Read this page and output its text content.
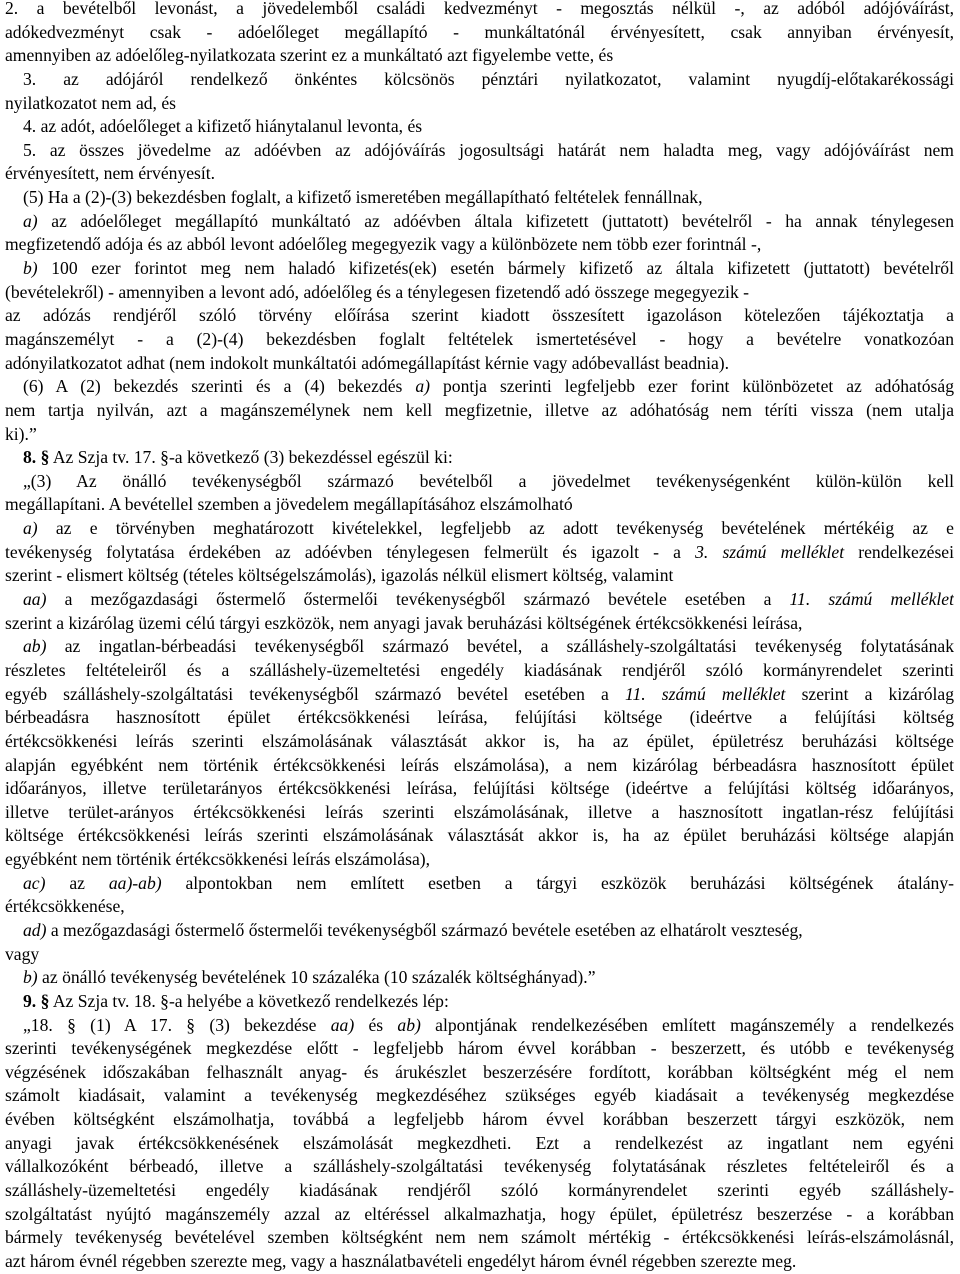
2. a bevételből levonást, a jövedelemből családi kedvezményt - megosztás nélkül -, az adóból adójóváírást,
adókedvezményt csak - adóelőleget megállapító - munkáltatónál érvényesített, csak annyiban érvényesít,
amennyiben az adóelőleg-nyilatkozata szerint ez a munkáltató azt figyelembe vette, és
3. az adójáról rendelkező önkéntes kölcsönös pénztári nyilatkozatot, valamint nyugdíj-előtakarékossági
nyilatkozatot nem ad, és
4. az adót, adóelőleget a kifizető hiánytalanul levonta, és
5. az összes jövedelme az adóévben az adójóváírás jogosultsági határát nem haladta meg, vagy adójóváírást nem
érvényesített, nem érvényesít.
(5) Ha a (2)-(3) bekezdésben foglalt, a kifizető ismeretében megállapítható feltételek fennállnak,
a) az adóelőleget megállapító munkáltató az adóévben általa kifizetett (juttatott) bevételről - ha annak ténylegesen
megfizetendő adója és az abból levont adóelőleg megegyezik vagy a különbözete nem több ezer forintnál -,
b) 100 ezer forintot meg nem haladó kifizetés(ek) esetén bármely kifizető az általa kifizetett (juttatott) bevételről
(bevételekről) - amennyiben a levont adó, adóelőleg és a ténylegesen fizetendő adó összege megegyezik -
az adózás rendjéről szóló törvény előírása szerint kiadott összesített igazoláson kötelezően tájékoztatja a
magánszemélyt - a (2)-(4) bekezdésben foglalt feltételek ismertetésével - hogy a bevételre vonatkozóan
adónyilatkozatot adhat (nem indokolt munkáltatói adómegállapítást kérnie vagy adóbevallást beadnia).
(6) A (2) bekezdés szerinti és a (4) bekezdés a) pontja szerinti legfeljebb ezer forint különbözetet az adóhatóság
nem tartja nyilván, azt a magánszemélynek nem kell megfizetnie, illetve az adóhatóság nem téríti vissza (nem utalja
ki).”
8. § Az Szja tv. 17. §-a következő (3) bekezdéssel egészül ki:
„(3) Az önálló tevékenységből származó bevételből a jövedelmet tevékenységenként külön-külön kell
megállapítani. A bevétellel szemben a jövedelem megállapításához elszámolható
a) az e törvényben meghatározott kivételekkel, legfeljebb az adott tevékenység bevételének mértékéig az e
tevékenység folytatása érdekében az adóévben ténylegesen felmerült és igazolt - a 3. számú melléklet rendelkezései
szerint - elismert költség (tételes költségelszámolás), igazolás nélkül elismert költség, valamint
aa) a mezőgazdasági őstermelő őstermelői tevékenységből származó bevétele esetében a 11. számú melléklet
szerint a kizárólag üzemi célú tárgyi eszközök, nem anyagi javak beruházási költségének értékcsökkenési leírása,
ab) az ingatlan-bérbeadási tevékenységből származó bevétel, a szálláshely-szolgáltatási tevékenység folytatásának
részletes feltételeiről és a szálláshely-üzemeltetési engedély kiadásának rendjéről szóló kormányrendelet szerinti
egyéb szálláshely-szolgáltatási tevékenységből származó bevétel esetében a 11. számú melléklet szerint a kizárólag
bérbeadásra hasznosított épület értékcsökkenési leírása, felújítási költsége (ideértve a felújítási költség
értékcsökkenési leírás szerinti elszámolásának választását akkor is, ha az épület, épületrész beruházási költsége
alapján egyébként nem történik értékcsökkenési leírás elszámolása), a nem kizárólag bérbeadásra hasznosított épület
időarányos, illetve területarányos értékcsökkenési leírása, felújítási költsége (ideértve a felújítási költség időarányos,
illetve terület-arányos értékcsökkenési leírás szerinti elszámolásának, illetve a hasznosított ingatlan-rész felújítási
költsége értékcsökkenési leírás szerinti elszámolásának választását akkor is, ha az épület beruházási költsége alapján
egyébként nem történik értékcsökkenési leírás elszámolása),
ac) az aa)-ab) alpontokban nem említett esetben a tárgyi eszközök beruházási költségének átalány-
értékcsökkenése,
ad) a mezőgazdasági őstermelő őstermelői tevékenységből származó bevétele esetében az elhatárolt veszteség,
vagy
b) az önálló tevékenység bevételének 10 százaléka (10 százalék költséghányad).”
9. § Az Szja tv. 18. §-a helyébe a következő rendelkezés lép:
„18. § (1) A 17. § (3) bekezdése aa) és ab) alpontjának rendelkezésében említett magánszemély a rendelkezés
szerinti tevékenységének megkezdése előtt - legfeljebb három évvel korábban - beszerzett, és utóbb e tevékenység
végzésének időszakában felhasznált anyag- és árukészlet beszerzésére fordított, korábban költségként még el nem
számolt kiadásait, valamint a tevékenység megkezdéséhez szükséges egyéb kiadásait a tevékenység megkezdése
évében költségként elszámolhatja, továbbá a legfeljebb három évvel korábban beszerzett tárgyi eszközök, nem
anyagi javak értékcsökkenésének elszámolását megkezdheti. Ezt a rendelkezést az ingatlant nem egyéni
vállalkozóként bérbeadó, illetve a szálláshely-szolgáltatási tevékenység folytatásának részletes feltételeiről és a
szálláshely-üzemeltetési engedély kiadásának rendjéről szóló kormányrendelet szerinti egyéb szálláshely-
szolgáltatást nyújtó magánszemély azzal az eltéréssel alkalmazhatja, hogy épület, épületrész beszerzése - a korábban
bármely tevékenység bevételével szemben költségként nem nem számolt mértékig - értékcsökkenési leírás-elszámolásnál,
azt három évnél régebben szerezte meg, vagy a használatbavételi engedélyt három évnél régebben szerezte meg.
